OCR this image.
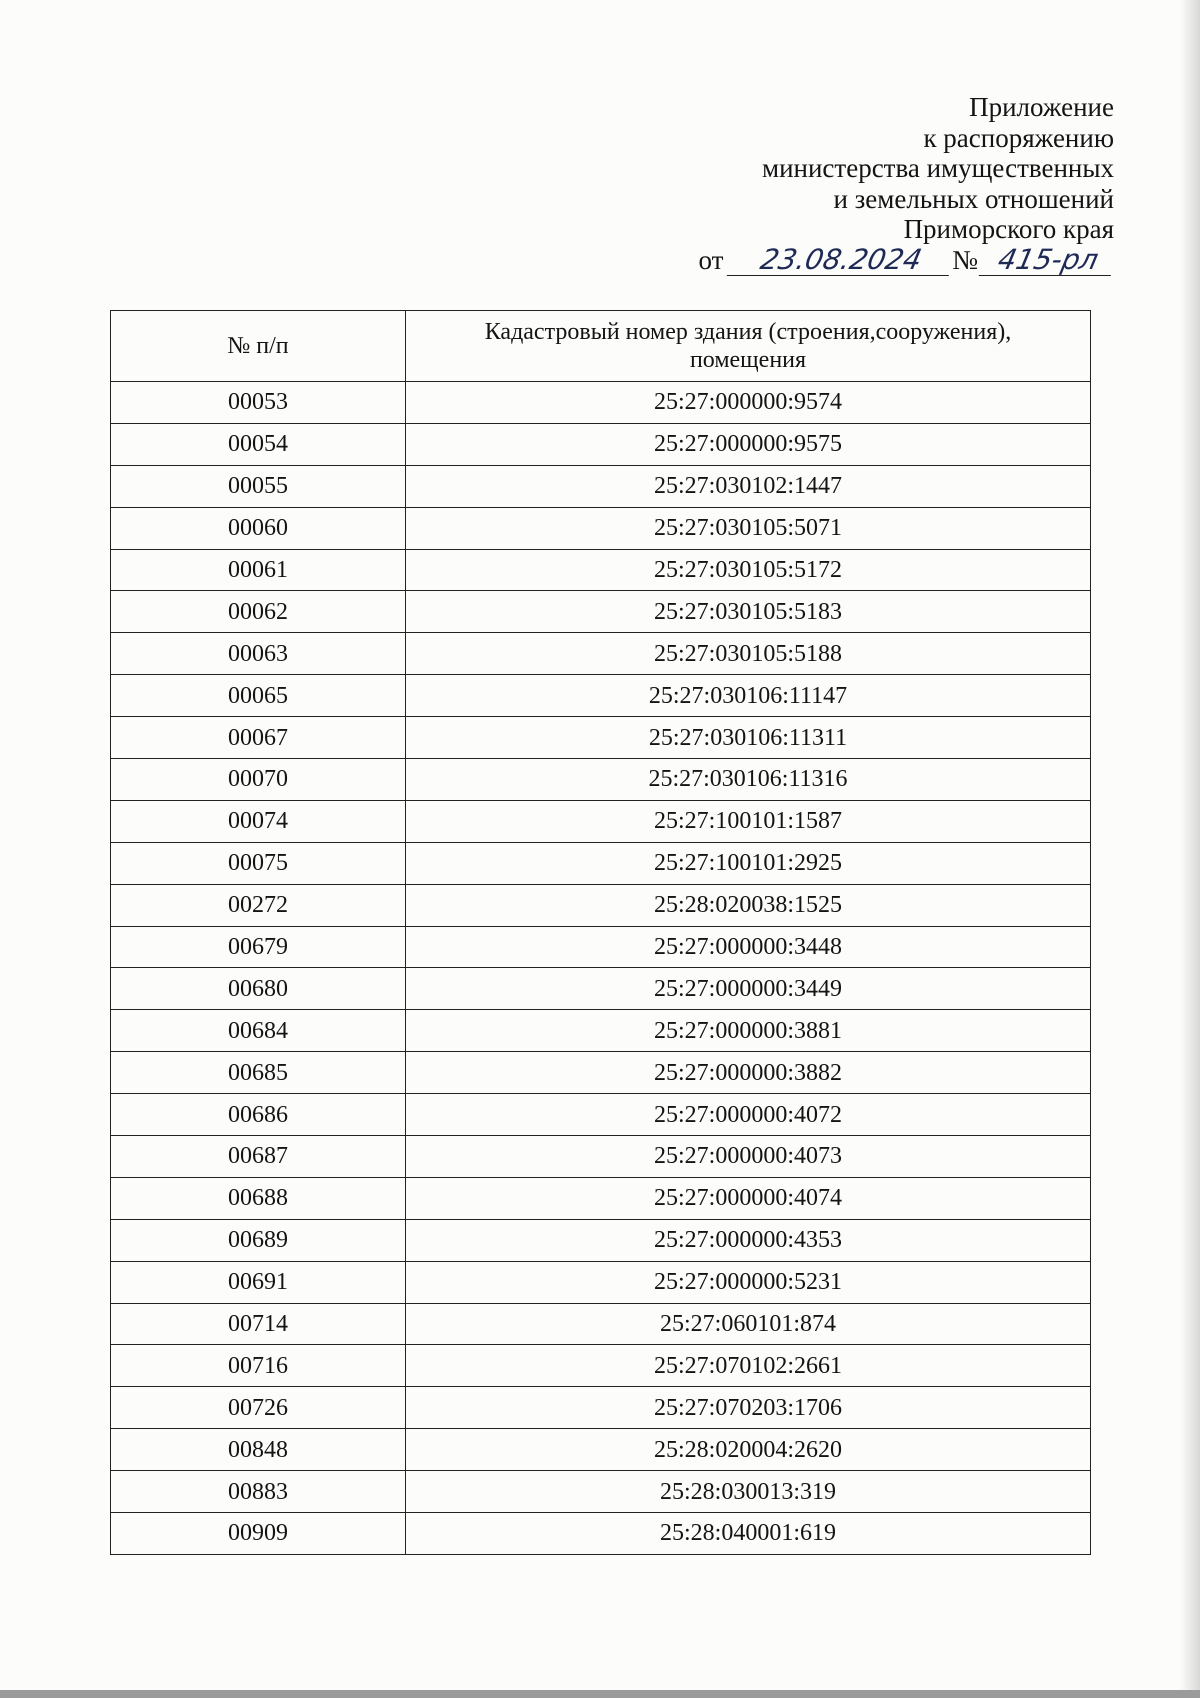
Приложение
к распоряжению
министерства имущественных
и земельных отношений
Приморского края
от 23.08.2024 № 415-рл
№ п/п	Кадастровый номер здания (строения,сооружения), помещения

00053	25:27:000000:9574
00054	25:27:000000:9575
00055	25:27:030102:1447
00060	25:27:030105:5071
00061	25:27:030105:5172
00062	25:27:030105:5183
00063	25:27:030105:5188
00065	25:27:030106:11147
00067	25:27:030106:11311
00070	25:27:030106:11316
00074	25:27:100101:1587
00075	25:27:100101:2925
00272	25:28:020038:1525
00679	25:27:000000:3448
00680	25:27:000000:3449
00684	25:27:000000:3881
00685	25:27:000000:3882
00686	25:27:000000:4072
00687	25:27:000000:4073
00688	25:27:000000:4074
00689	25:27:000000:4353
00691	25:27:000000:5231
00714	25:27:060101:874
00716	25:27:070102:2661
00726	25:27:070203:1706
00848	25:28:020004:2620
00883	25:28:030013:319
00909	25:28:040001:619
